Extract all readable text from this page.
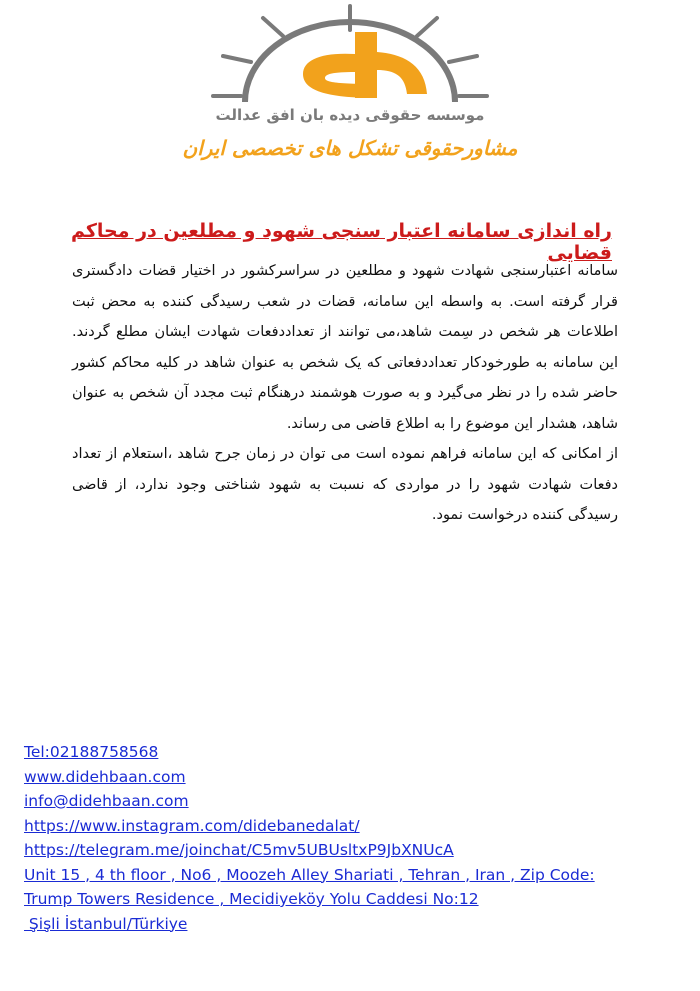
موسسه حقوقی دیده بان افق عدالت
مشاورحقوقی تشکل های تخصصی ایران
راه اندازی سامانه اعتبار سنجی شهود و مطلعین در محاکم قضایی

سامانه اعتبارسنجی شهادت شهود و مطلعین در سراسرکشور در اختیار قضات دادگستری قرار گرفته است. به واسطه این سامانه، قضات در شعب رسیدگی کننده به محض ثبت اطلاعات هر شخص در سِمت شاهد،می توانند از تعداددفعات شهادت ایشان مطلع گردند. این سامانه به طورخودکار تعداددفعاتی که یک شخص به عنوان شاهد در کلیه محاکم کشور حاضر شده را در نظر می‌گیرد و به صورت هوشمند درهنگام ثبت مجدد آن شخص به عنوان شاهد، هشدار این موضوع را به اطلاع قاضی می رساند.

از امکانی که این سامانه فراهم نموده است می توان در زمان جرح شاهد ،استعلام از تعداد دفعات شهادت شهود را در مواردی که نسبت به شهود شناختی وجود ندارد، از قاضی رسیدگی کننده درخواست نمود.

Tel:02188758568
www.didehbaan.com
info@didehbaan.com
https://www.instagram.com/didebanedalat/
https://telegram.me/joinchat/C5mv5UBUsltxP9JbXNUcA
Unit 15 , 4 th floor , No6 , Moozeh Alley Shariati , Tehran , Iran , Zip Code:
Trump Towers Residence , Mecidiyeköy Yolu Caddesi No:12
Şişli İstanbul/Türkiye
